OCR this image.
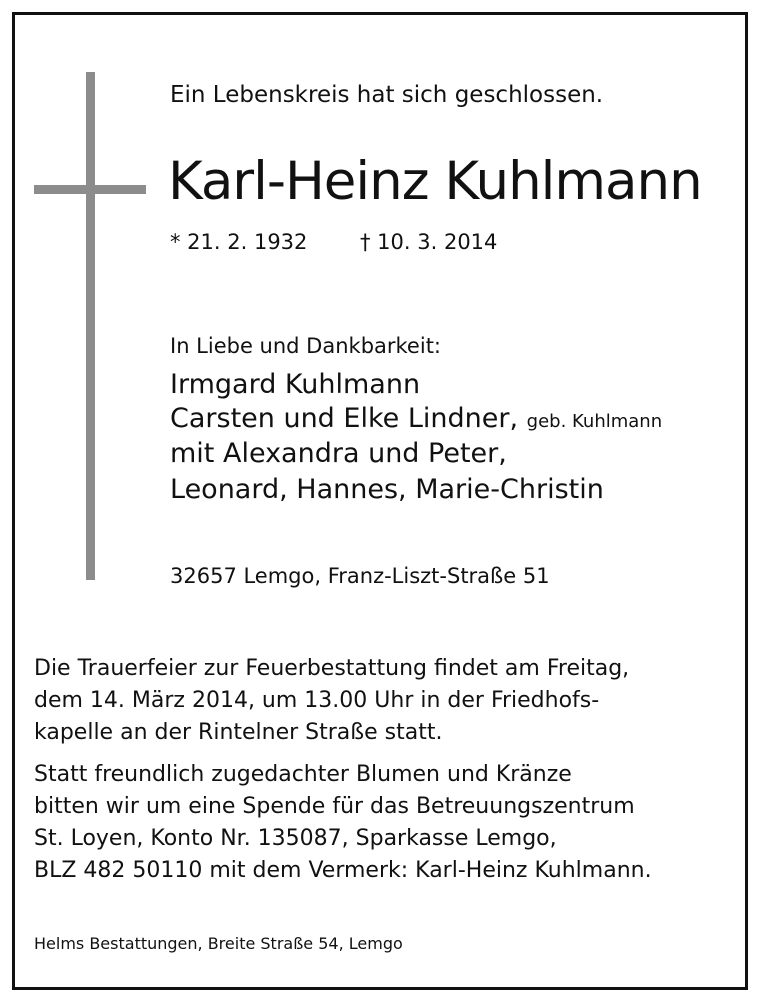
Ein Lebenskreis hat sich geschlossen.

Karl-Heinz Kuhlmann

* 21. 2. 1932	† 10. 3. 2014

In Liebe und Dankbarkeit:

Irmgard Kuhlmann

Carsten und Elke Lindner, geb. Kuhlmann

mit Alexandra und Peter,

Leonard, Hannes, Marie-Christin

32657 Lemgo, Franz-Liszt-Straße 51

Die Trauerfeier zur Feuerbestattung findet am Freitag,
dem 14. März 2014, um 13.00 Uhr in der Friedhofs-
kapelle an der Rintelner Straße statt.
Statt freundlich zugedachter Blumen und Kränze
bitten wir um eine Spende für das Betreuungszentrum
St. Loyen, Konto Nr. 135087, Sparkasse Lemgo,
BLZ 482 50110 mit dem Vermerk: Karl-Heinz Kuhlmann.

Helms Bestattungen, Breite Straße 54, Lemgo
